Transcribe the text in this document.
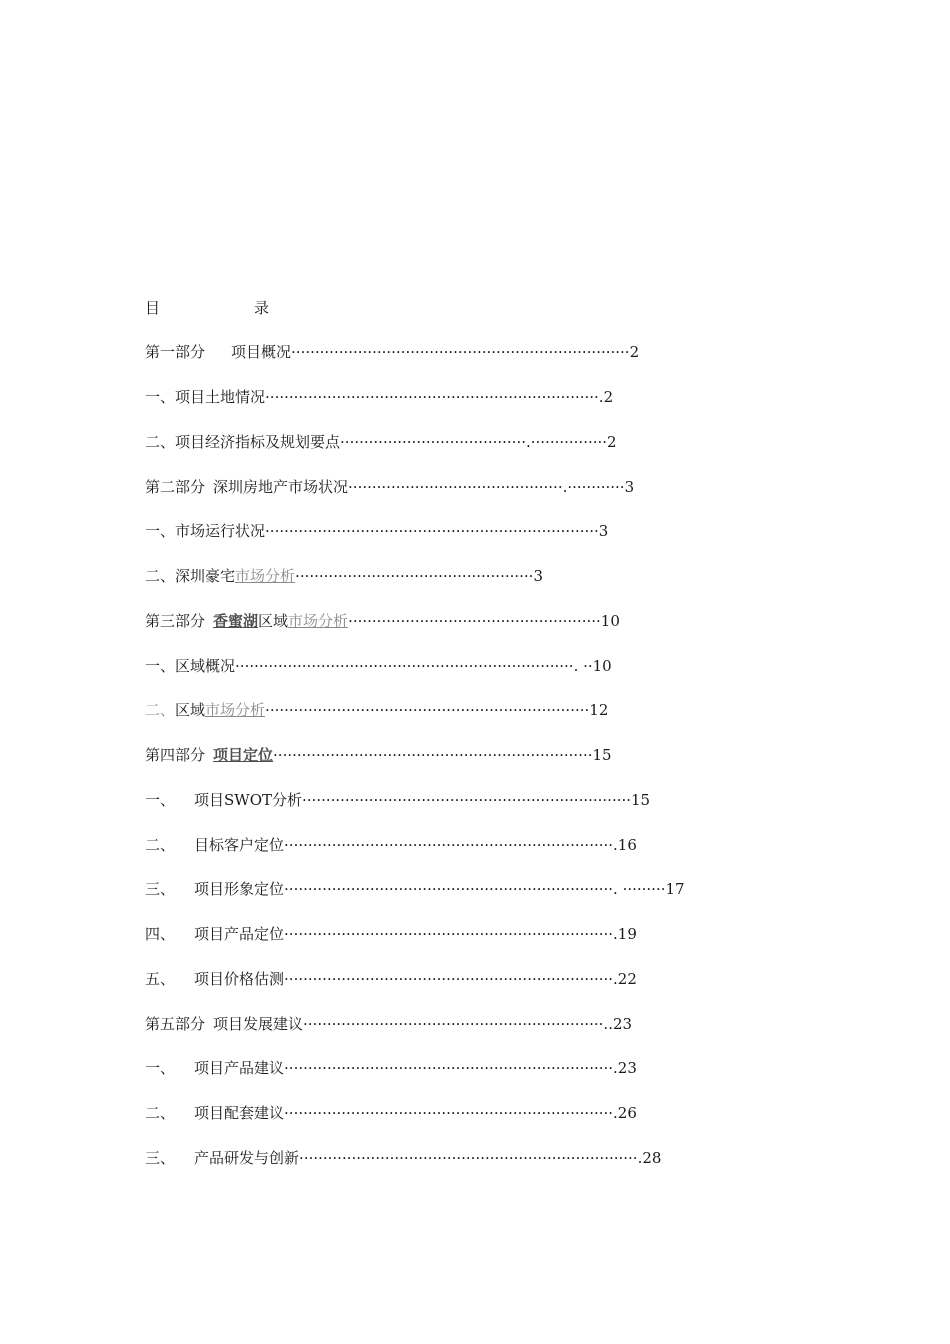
目	录
第一部分 项目概况·······································································2
一、项目土地情况······································································.2
二、项目经济指标及规划要点·······································.················2
第二部分 深圳房地产市场状况·············································.············3
一、市场运行状况······································································3
二、深圳豪宅市场分析··················································3
第三部分 香蜜湖区域市场分析·····················································10
一、区域概况·······································································. ··10
二、区域市场分析····································································12
第四部分 项目定位···································································15
一、 项目SWOT分析·····································································15
二、 目标客户定位·····································································.16
三、 项目形象定位·····································································. ·········17
四、 项目产品定位·····································································.19
五、 项目价格估测·····································································.22
第五部分 项目发展建议·······························································..23
一、 项目产品建议·····································································.23
二、 项目配套建议·····································································.26
三、 产品研发与创新·······································································.28
